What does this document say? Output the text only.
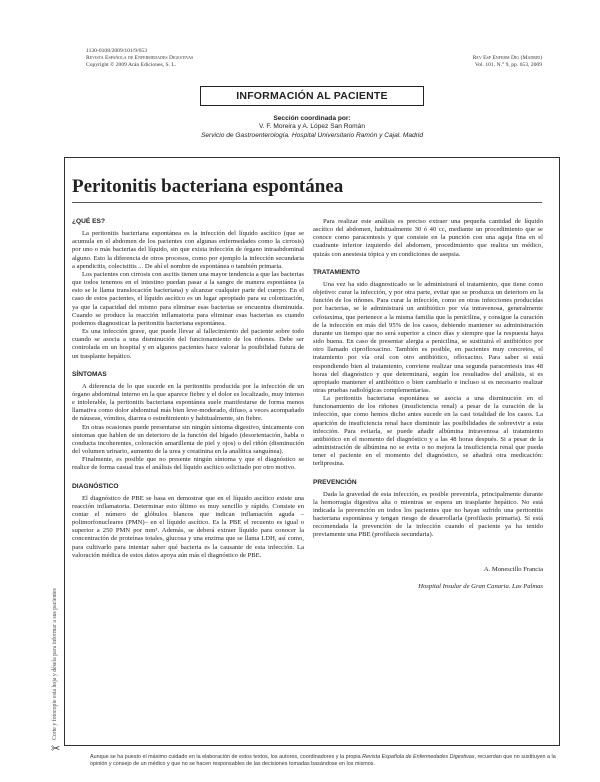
1130-0108/2009/101/9/653
Revista Española de Enfermedades Digestivas
Copyright © 2009 Arán Ediciones, S. L.
Rev Esp Enferm Dig (Madrid)
Vol. 101. N.° 9, pp. 653, 2009
INFORMACIÓN AL PACIENTE
Sección coordinada por:
V. F. Moreira y A. López San Román
Servicio de Gastroenterología. Hospital Universitario Ramón y Cajal. Madrid
Peritonitis bacteriana espontánea
¿QUÉ ES?

La peritonitis bacteriana espontánea es la infección del líquido ascítico (que se acumula en el abdomen de los pacientes con algunas enfermedades como la cirrosis) por uno o más bacterias del líquido, sin que exista infección de órgano intraabdominal alguno. Esto la diferencia de otros procesos, como por ejemplo la infección secundaria a apendicitis, colecistitis ... De ahí el nombre de espontánea o también primaria.

Los pacientes con cirrosis con ascitis tienen una mayor tendencia a que las bacterias que todos tenemos en el intestino puedan pasar a la sangre de manera espontánea (a esto se le llama translocación bacteriana) y alcanzar cualquier parte del cuerpo. En el caso de estos pacientes, el líquido ascítico es un lugar apropiado para su colonización, ya que la capacidad del mismo para eliminar esas bacterias se encuentra disminuida. Cuando se produce la reacción inflamatoria para eliminar esas bacterias es cuando podemos diagnosticar la peritonitis bacteriana espontánea.

Es una infección grave, que puede llevar al fallecimiento del paciente sobre todo cuando se asocia a una disminución del funcionamiento de los riñones. Debe ser controlada en un hospital y en algunos pacientes hace valorar la posibilidad futura de un trasplante hepático.

SÍNTOMAS

A diferencia de lo que sucede en la peritonitis producida por la infección de un órgano abdominal interno en la que aparece fiebre y el dolor es localizado, muy intenso e intolerable, la peritonitis bacteriana espontánea suele manifestarse de forma menos llamativa como dolor abdominal más bien leve-moderado, difuso, a veces acompañado de náuseas, vómitos, diarrea o estreñimiento y habitualmente, sin fiebre.

En otras ocasiones puede presentarse sin ningún síntoma digestivo, únicamente con síntomas que hablen de un deterioro de la función del hígado (desorientación, habla o conducta incoherentes, coloración amarillenta de piel y ojos) o del riñón (disminución del volumen urinario, aumento de la urea y creatinina en la analítica sanguínea).

Finalmente, es posible que no presente ningún síntoma y que el diagnóstico se realice de forma casual tras el análisis del líquido ascítico solicitado por otro motivo.

DIAGNÓSTICO

El diagnóstico de PBE se basa en demostrar que en el líquido ascítico existe una reacción inflamatoria. Determinar esto último es muy sencillo y rápido. Consiste en contar el número de glóbulos blancos que indican inflamación aguda –polimorfonucleares (PMN)– en el líquido ascítico. Es la PBE el recuento es igual o superior a 250 PMN por mm³. Además, se deberá extraer líquido para conocer la concentración de proteínas totales, glucosa y una enzima que se llama LDH, así como, para cultivarlo para intentar saber qué bacteria es la causante de esta infección. La valoración médica de estos datos apoya aún más el diagnóstico de PBE.

Para realizar este análisis es preciso extraer una pequeña cantidad de líquido ascítico del abdomen, habitualmente 30 ó 40 cc, mediante un procedimiento que se conoce como paracentesis y que consiste en la punción con una aguja fina en el cuadrante inferior izquierdo del abdomen, procedimiento que realiza un médico, quizás con anestesia tópica y en condiciones de asepsia.

TRATAMIENTO

Una vez ha sido diagnosticado se le administrará el tratamiento, que tiene como objetivo: curar la infección, y por otra parte, evitar que se produzca un deterioro en la función de los riñones. Para curar la infección, como en otras infecciones producidas por bacterias, se le administrará un antibiótico por vía intravenosa, generalmente cefotaxima, que pertenece a la misma familia que la penicilina, y consigue la curación de la infección en más del 95% de los casos, debiendo mantener su administración durante un tiempo que no será superior a cinco días y siempre que la respuesta haya sido buena. En caso de presentar alergia a penicilina, se sustituirá el antibiótico por otro llamado ciprofloxacino. También es posible, en pacientes muy concretos, el tratamiento por vía oral con otro antibiótico, ofloxacino. Para saber si está respondiendo bien al tratamiento, conviene realizar una segunda paracentesis tras 48 horas del diagnóstico y que determinará, según los resultados del análisis, si es apropiado mantener el antibiótico o bien cambiarlo e incluso si es necesario realizar otras pruebas radiológicas complementarias.

La peritonitis bacteriana espontánea se asocia a una disminución en el funcionamiento de los riñones (insuficiencia renal) a pesar de la curación de la infección, que como hemos dicho antes sucede en la casi totalidad de los casos. La aparición de insuficiencia renal hace disminuir las posibilidades de sobrevivir a esta infección. Para evitarla, se puede añadir albúmina intravenosa al tratamiento antibiótico en el momento del diagnóstico y a las 48 horas después. Si a pesar de la administración de albúmina no se evita o no mejora la insuficiencia renal que pueda tener el paciente en el momento del diagnóstico, se añadirá otra medicación: terlipresina.

PREVENCIÓN

Dada la gravedad de esta infección, es posible prevenirla, principalmente durante la hemorragia digestiva alta o mientras se espera un trasplante hepático. No está indicada la prevención en todos los pacientes que no hayan sufrido una peritonitis bacteriana espontánea y tengan riesgo de desarrollarla (profilaxis primaria). Sí está recomendada la prevención de la infección cuando el paciente ya ha tenido previamente una PBE (profilaxis secundaria).

A. Monescillo Francia
Hospital Insular de Gran Canaria. Las Palmas
Corte y fotocopie esta hoja y désela para informar a sus pacientes
✂
Aunque se ha puesto el máximo cuidado en la elaboración de estos textos, los autores, coordinadores y la propia Revista Española de Enfermedades Digestivas, recuerdan que no sustituyen a la opinión y consejo de un médico y que no se hacen responsables de las decisiones tomadas basándose en los mismos.
